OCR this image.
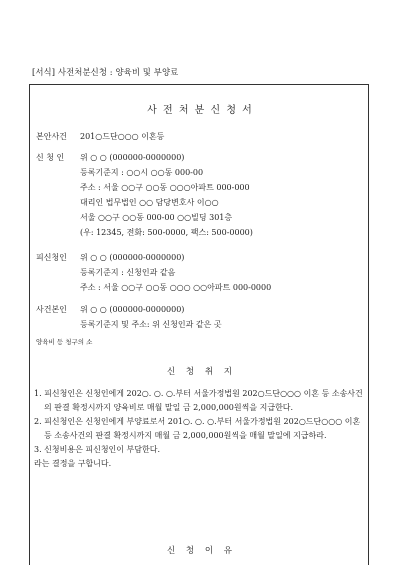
[서식] 사전처분신청 : 양육비 및 부양료
사 전 처 분 신 청 서
본안사건 201○드단○○○ 이혼등
신 청 인 위 ○ ○ (000000-0000000)
등록기준지 : ○○시 ○○동 000-00
주소 : 서울 ○○구 ○○동 ○○○아파트 000-000
대리인 법무법인 ○○ 담당변호사 이○○
서울 ○○구 ○○동 000-00 ○○빌딩 301층
(우: 12345, 전화: 500-0000, 팩스: 500-0000)
피신청인 위 ○ ○ (000000-0000000)
등록기준지 : 신청인과 같음
주소 : 서울 ○○구 ○○동 ○○○ ○○아파트 000-0000
사건본인 위 ○ ○ (000000-0000000)
등록기준지 및 주소: 위 신청인과 같은 곳
양육비 등 청구의 소
신 청 취 지
1. 피신청인은 신청인에게 202○. ○. ○.부터 서울가정법원 202○드단○○○ 이혼 등 소송사건의 판결 확정시까지 양육비로 매월 말일 금 2,000,000원씩을 지급한다.
2. 피신청인은 신청인에게 부양료로서 201○. ○. ○.부터 서울가정법원 202○드단○○○ 이혼 등 소송사건의 판결 확정시까지 매월 금 2,000,000원씩을 매월 말일에 지급하라.
3. 신청비용은 피신청인이 부담한다.
라는 결정을 구합니다.
신 청 이 유
